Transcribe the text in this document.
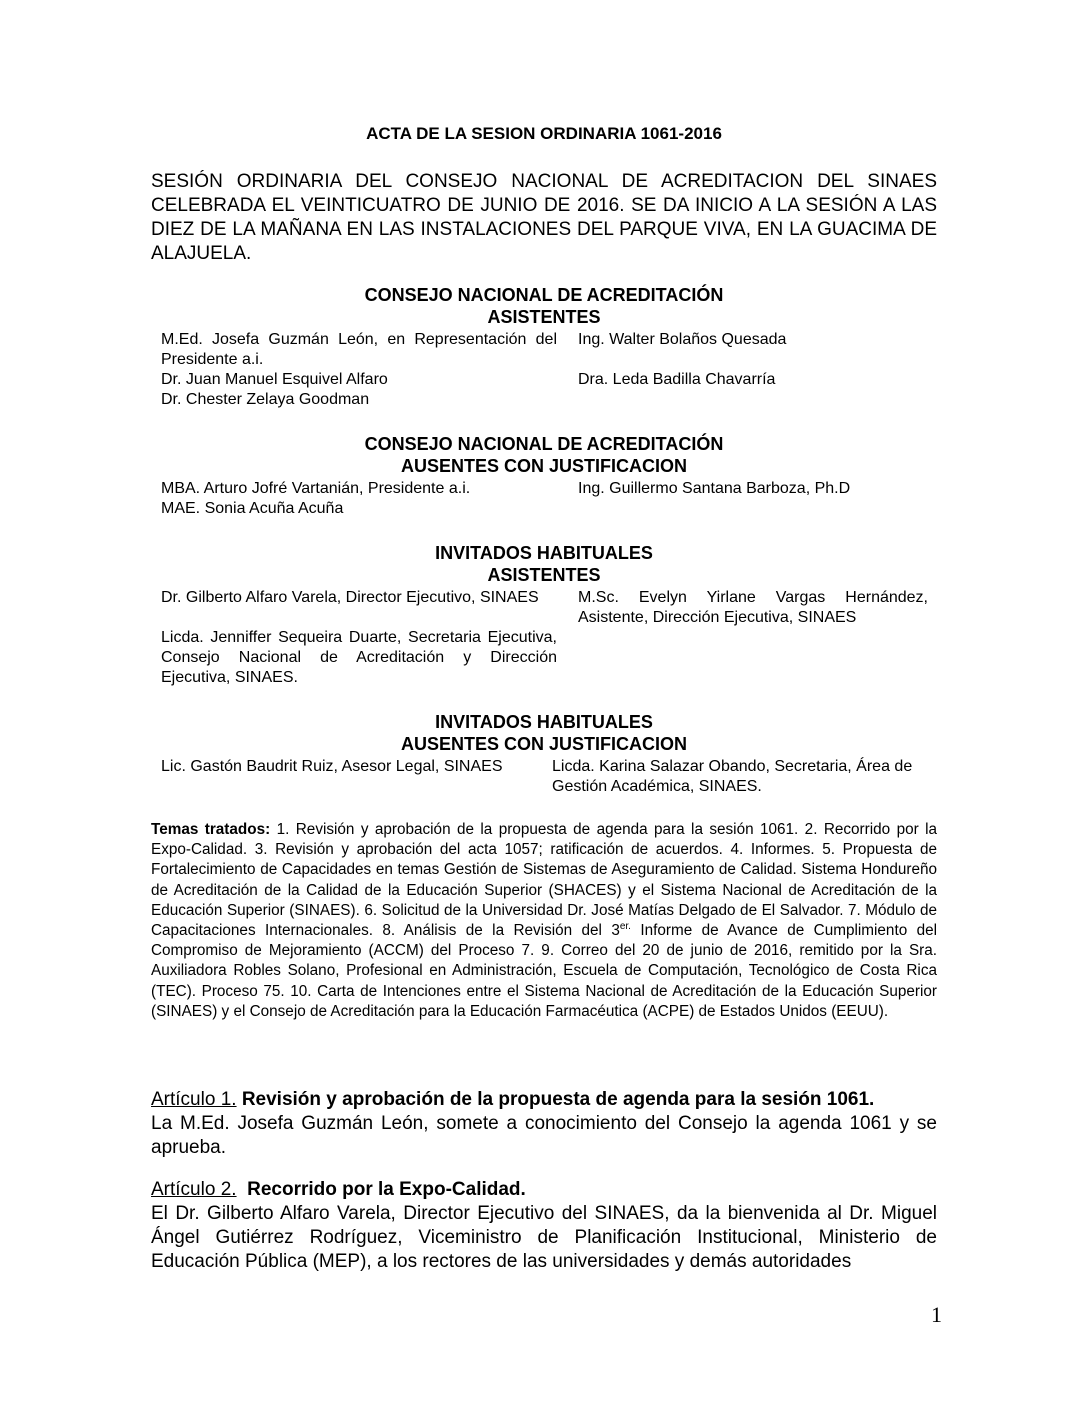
ACTA DE LA SESION ORDINARIA 1061-2016
SESIÓN ORDINARIA DEL CONSEJO NACIONAL DE ACREDITACION DEL SINAES CELEBRADA EL VEINTICUATRO DE JUNIO DE 2016. SE DA INICIO A LA SESIÓN A LAS DIEZ DE LA MAÑANA EN LAS INSTALACIONES DEL PARQUE VIVA, EN LA GUACIMA DE ALAJUELA.
CONSEJO NACIONAL DE ACREDITACIÓN
ASISTENTES
M.Ed. Josefa Guzmán León, en Representación del Presidente a.i.
Dr. Juan Manuel Esquivel Alfaro
Dr. Chester Zelaya Goodman
Ing. Walter Bolaños Quesada
Dra. Leda Badilla Chavarría
CONSEJO NACIONAL DE ACREDITACIÓN
AUSENTES CON JUSTIFICACION
MBA. Arturo Jofré Vartanián, Presidente a.i.
MAE. Sonia Acuña Acuña
Ing. Guillermo Santana Barboza, Ph.D
INVITADOS HABITUALES
ASISTENTES
Dr. Gilberto Alfaro Varela, Director Ejecutivo, SINAES
Licda. Jenniffer Sequeira Duarte, Secretaria Ejecutiva, Consejo Nacional de Acreditación y Dirección Ejecutiva, SINAES.
M.Sc. Evelyn Yirlane Vargas Hernández, Asistente, Dirección Ejecutiva, SINAES
INVITADOS HABITUALES
AUSENTES CON JUSTIFICACION
Lic. Gastón Baudrit Ruiz, Asesor Legal, SINAES	Licda. Karina Salazar Obando, Secretaria, Área de Gestión Académica, SINAES.
Temas tratados: 1. Revisión y aprobación de la propuesta de agenda para la sesión 1061. 2. Recorrido por la Expo-Calidad. 3. Revisión y aprobación del acta 1057; ratificación de acuerdos. 4. Informes. 5. Propuesta de Fortalecimiento de Capacidades en temas Gestión de Sistemas de Aseguramiento de Calidad. Sistema Hondureño de Acreditación de la Calidad de la Educación Superior (SHACES) y el Sistema Nacional de Acreditación de la Educación Superior (SINAES). 6. Solicitud de la Universidad Dr. José Matías Delgado de El Salvador. 7. Módulo de Capacitaciones Internacionales. 8. Análisis de la Revisión del $3^{er.}$ Informe de Avance de Cumplimiento del Compromiso de Mejoramiento (ACCM) del Proceso 7. 9. Correo del 20 de junio de 2016, remitido por la Sra. Auxiliadora Robles Solano, Profesional en Administración, Escuela de Computación, Tecnológico de Costa Rica (TEC). Proceso 75. 10. Carta de Intenciones entre el Sistema Nacional de Acreditación de la Educación Superior (SINAES) y el Consejo de Acreditación para la Educación Farmacéutica (ACPE) de Estados Unidos (EEUU).
Artículo 1. Revisión y aprobación de la propuesta de agenda para la sesión 1061.
La M.Ed. Josefa Guzmán León, somete a conocimiento del Consejo la agenda 1061 y se aprueba.
Artículo 2. Recorrido por la Expo-Calidad.
El Dr. Gilberto Alfaro Varela, Director Ejecutivo del SINAES, da la bienvenida al Dr. Miguel Ángel Gutiérrez Rodríguez, Viceministro de Planificación Institucional, Ministerio de Educación Pública (MEP), a los rectores de las universidades y demás autoridades
1
